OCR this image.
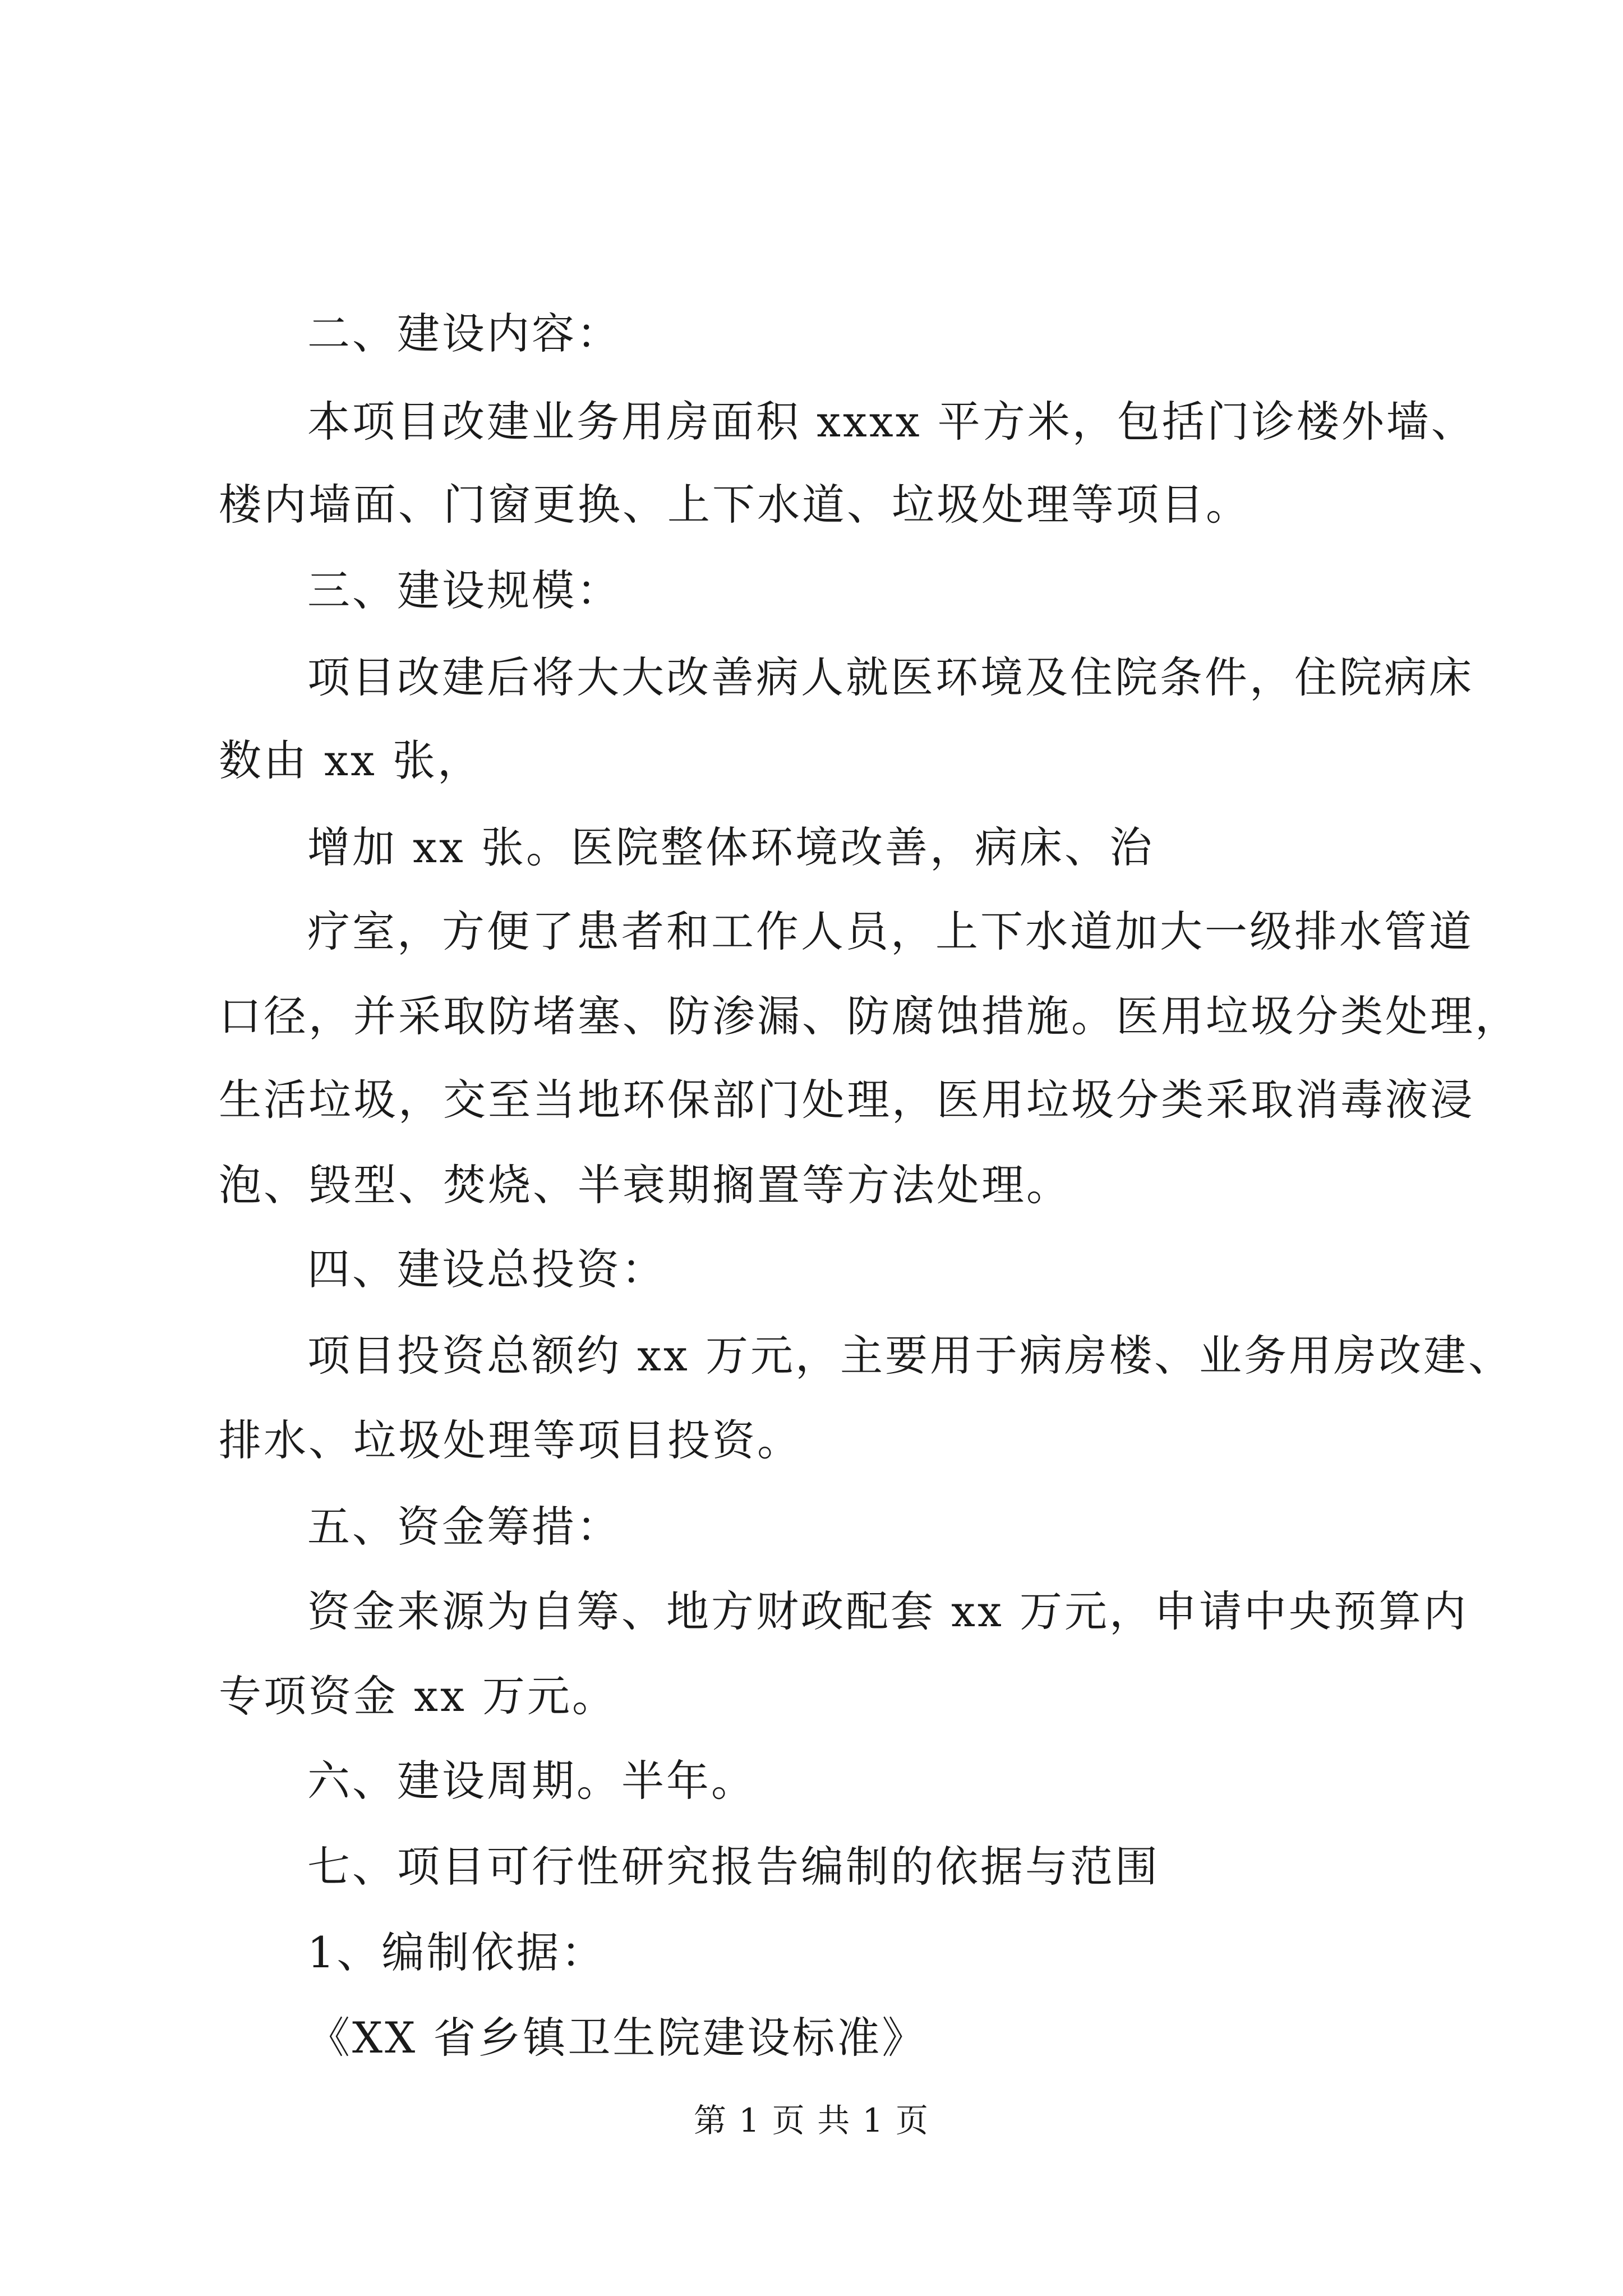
二、建设内容：
本项目改建业务用房面积 xxxx 平方米，包括门诊楼外墙、
楼内墙面、门窗更换、上下水道、垃圾处理等项目。
三、建设规模：
项目改建后将大大改善病人就医环境及住院条件，住院病床
数由 xx 张，
增加 xx 张。医院整体环境改善，病床、治
疗室，方便了患者和工作人员，上下水道加大一级排水管道
口径，并采取防堵塞、防渗漏、防腐蚀措施。医用垃圾分类处理，
生活垃圾，交至当地环保部门处理，医用垃圾分类采取消毒液浸
泡、毁型、焚烧、半衰期搁置等方法处理。
四、建设总投资：
项目投资总额约 xx 万元，主要用于病房楼、业务用房改建、
排水、垃圾处理等项目投资。
五、资金筹措：
资金来源为自筹、地方财政配套 xx 万元，申请中央预算内
专项资金 xx 万元。
六、建设周期。半年。
七、项目可行性研究报告编制的依据与范围
1、编制依据：
《XX 省乡镇卫生院建设标准》
第 1 页 共 1 页
